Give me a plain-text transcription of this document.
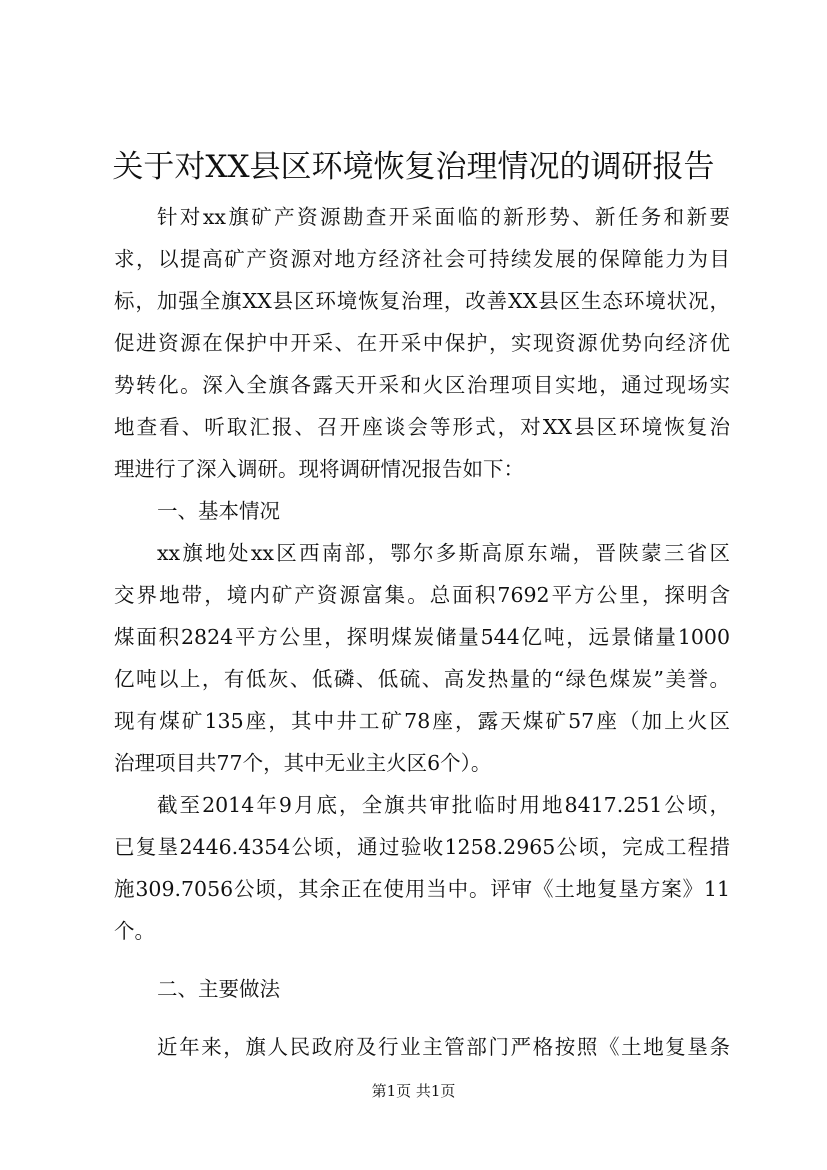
关于对XX县区环境恢复治理情况的调研报告
针对xx旗矿产资源勘查开采面临的新形势、新任务和新要
求，以提高矿产资源对地方经济社会可持续发展的保障能力为目
标，加强全旗XX县区环境恢复治理，改善XX县区生态环境状况，
促进资源在保护中开采、在开采中保护，实现资源优势向经济优
势转化。深入全旗各露天开采和火区治理项目实地，通过现场实
地查看、听取汇报、召开座谈会等形式，对XX县区环境恢复治
理进行了深入调研。现将调研情况报告如下：
一、基本情况
xx旗地处xx区西南部，鄂尔多斯高原东端，晋陕蒙三省区
交界地带，境内矿产资源富集。总面积7692平方公里，探明含
煤面积2824平方公里，探明煤炭储量544亿吨，远景储量1000
亿吨以上，有低灰、低磷、低硫、高发热量的“绿色煤炭”美誉。
现有煤矿135座，其中井工矿78座，露天煤矿57座（加上火区
治理项目共77个，其中无业主火区6个）。
截至2014年9月底，全旗共审批临时用地8417.251公顷，
已复垦2446.4354公顷，通过验收1258.2965公顷，完成工程措
施309.7056公顷，其余正在使用当中。评审《土地复垦方案》11
个。
二、主要做法
近年来，旗人民政府及行业主管部门严格按照《土地复垦条
第1页 共1页
